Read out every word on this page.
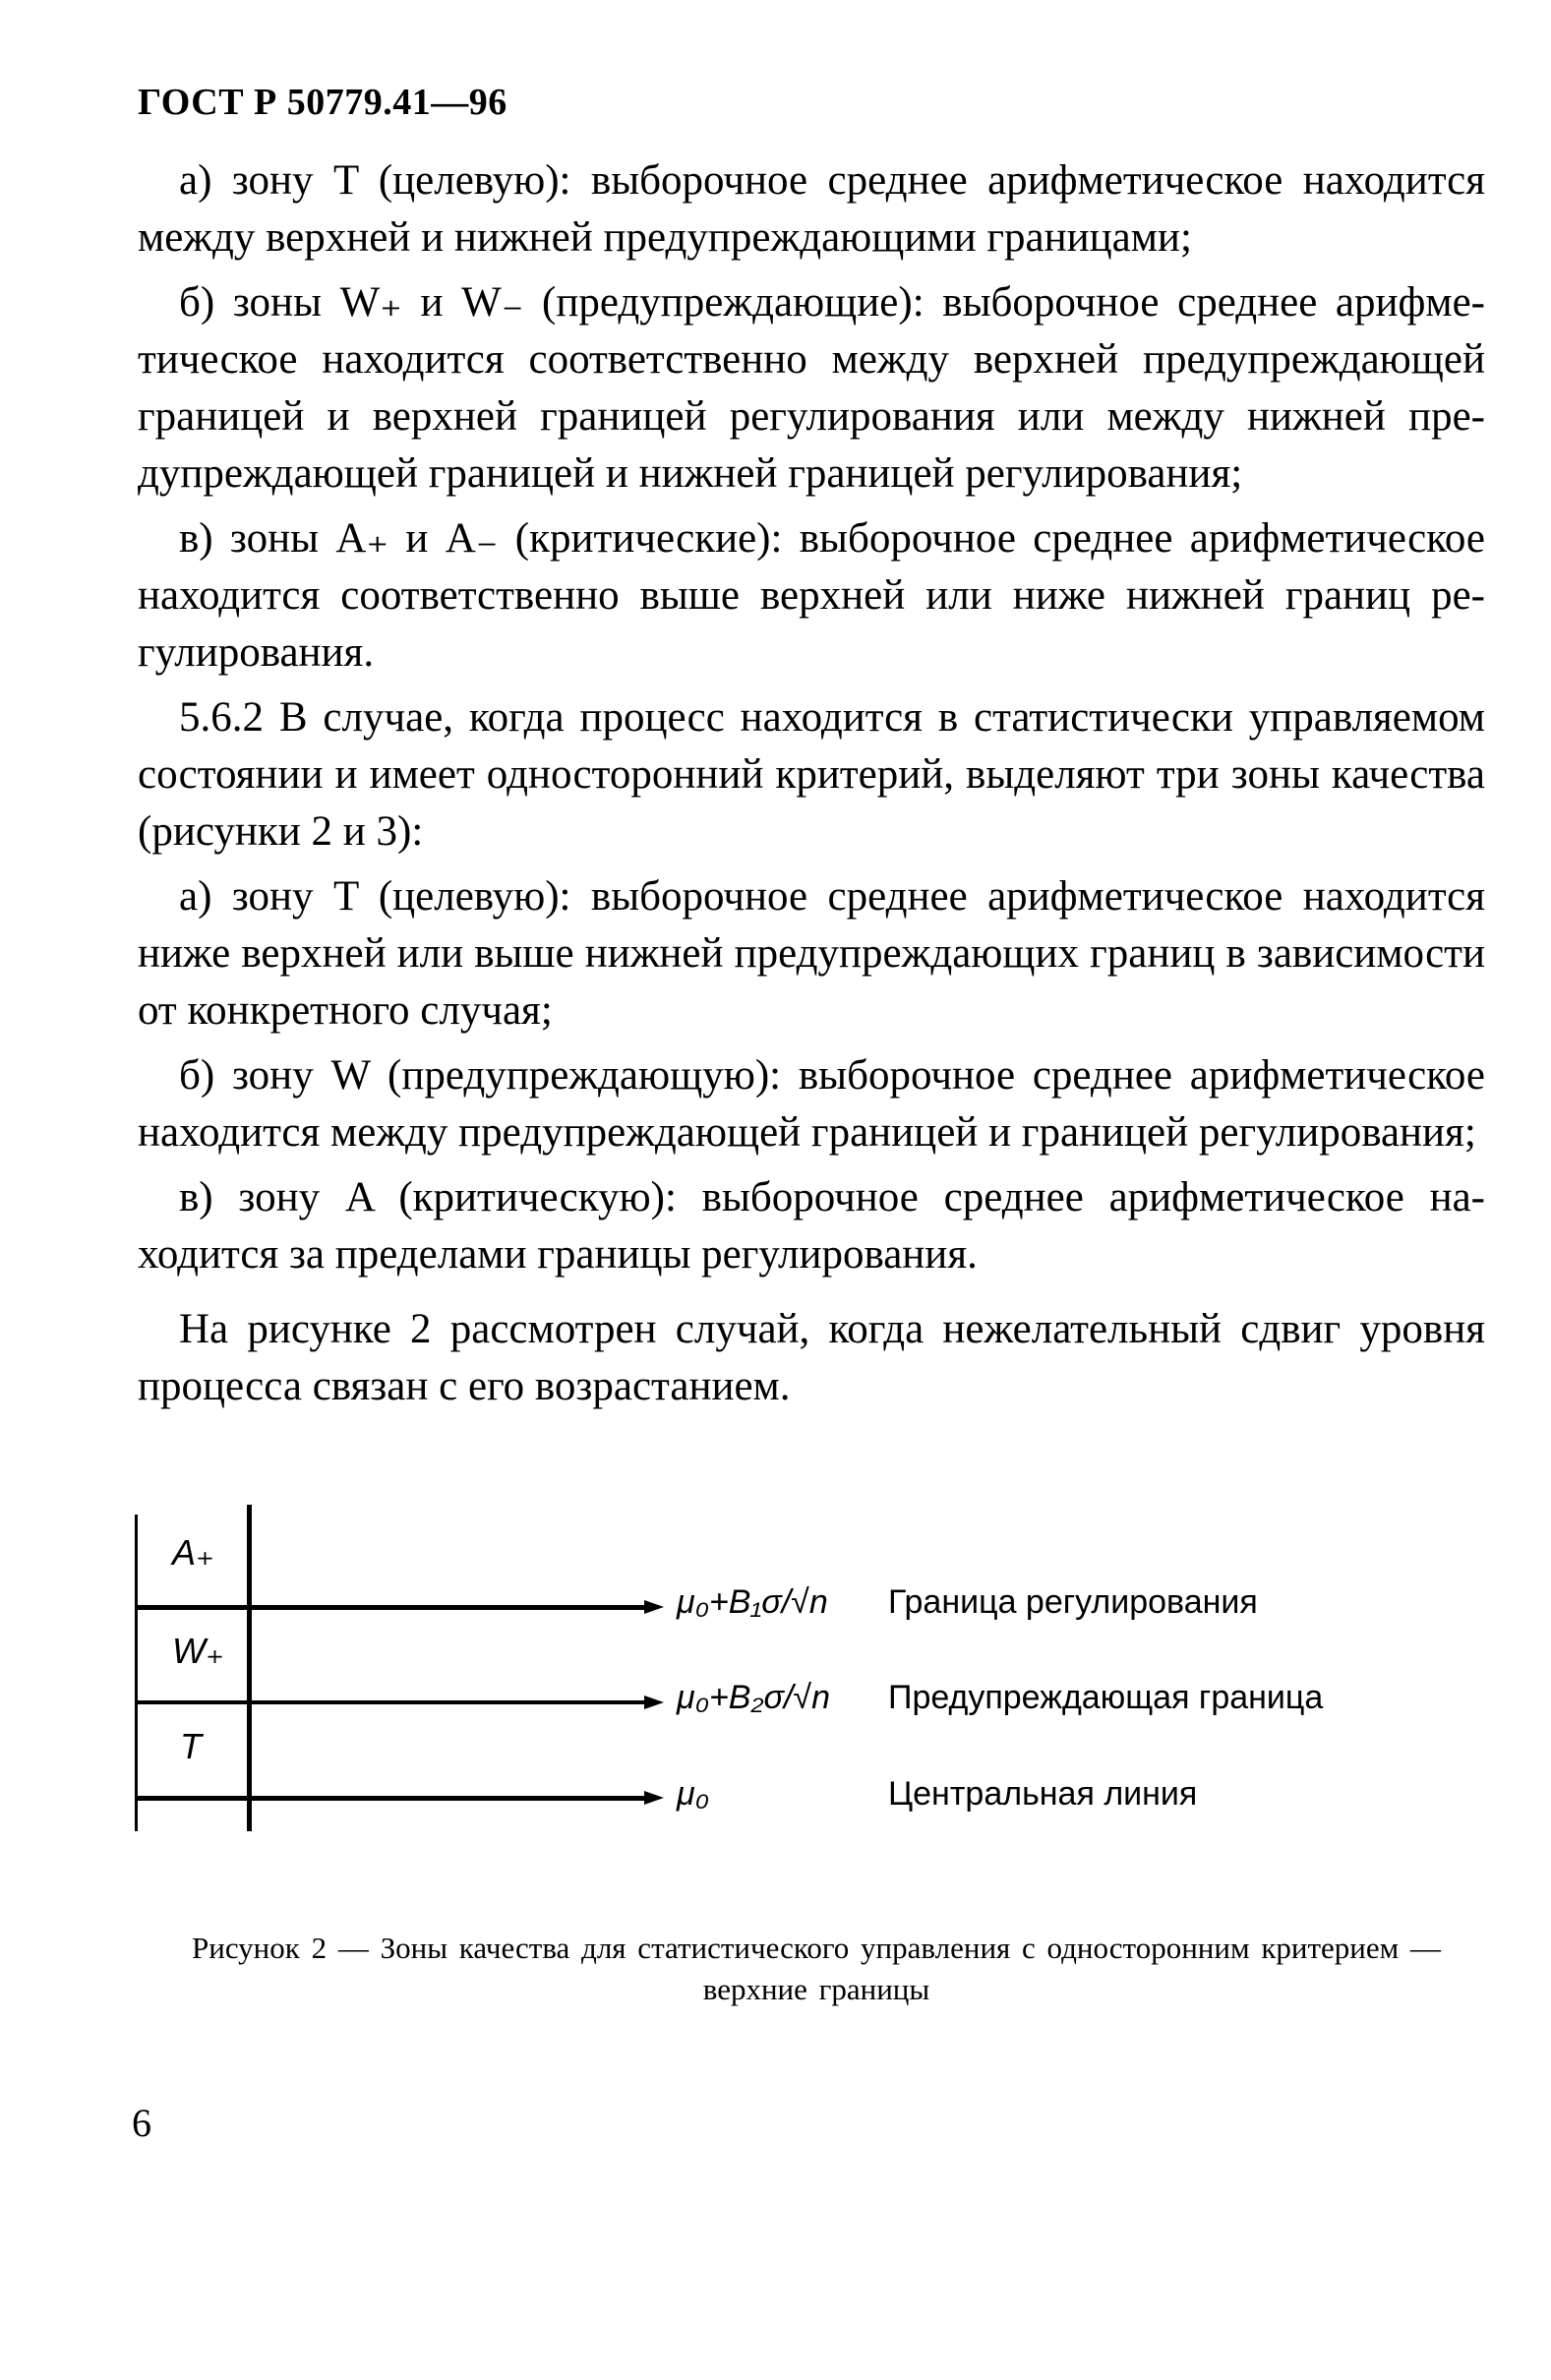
ГОСТ Р 50779.41—96

а) зону T (целевую): выборочное среднее арифметическое находится между верхней и нижней предупреждающими границами;

б) зоны W₊ и W₋ (предупреждающие): выборочное среднее арифметическое находится соответственно между верхней предупреждающей границей и верхней границей регулирования или между нижней предупреждающей границей и нижней границей регулирования;

в) зоны A₊ и A₋ (критические): выборочное среднее арифметическое находится соответственно выше верхней или ниже нижней границ регулирования.

5.6.2 В случае, когда процесс находится в статистически управляемом состоянии и имеет односторонний критерий, выделяют три зоны качества (рисунки 2 и 3):

а) зону T (целевую): выборочное среднее арифметическое находится ниже верхней или выше нижней предупреждающих границ в зависимости от конкретного случая;

б) зону W (предупреждающую): выборочное среднее арифметическое находится между предупреждающей границей и границей регулирования;

в) зону A (критическую): выборочное среднее арифметическое находится за пределами границы регулирования.

На рисунке 2 рассмотрен случай, когда нежелательный сдвиг уровня процесса связан с его возрастанием.

A₊
W₊
T
μ₀+B₁σ/√n
μ₀+B₂σ/√n
μ₀
Граница регулирования
Предупреждающая граница
Центральная линия
Рисунок 2 — Зоны качества для статистического управления с односторонним критерием — верхние границы
6
